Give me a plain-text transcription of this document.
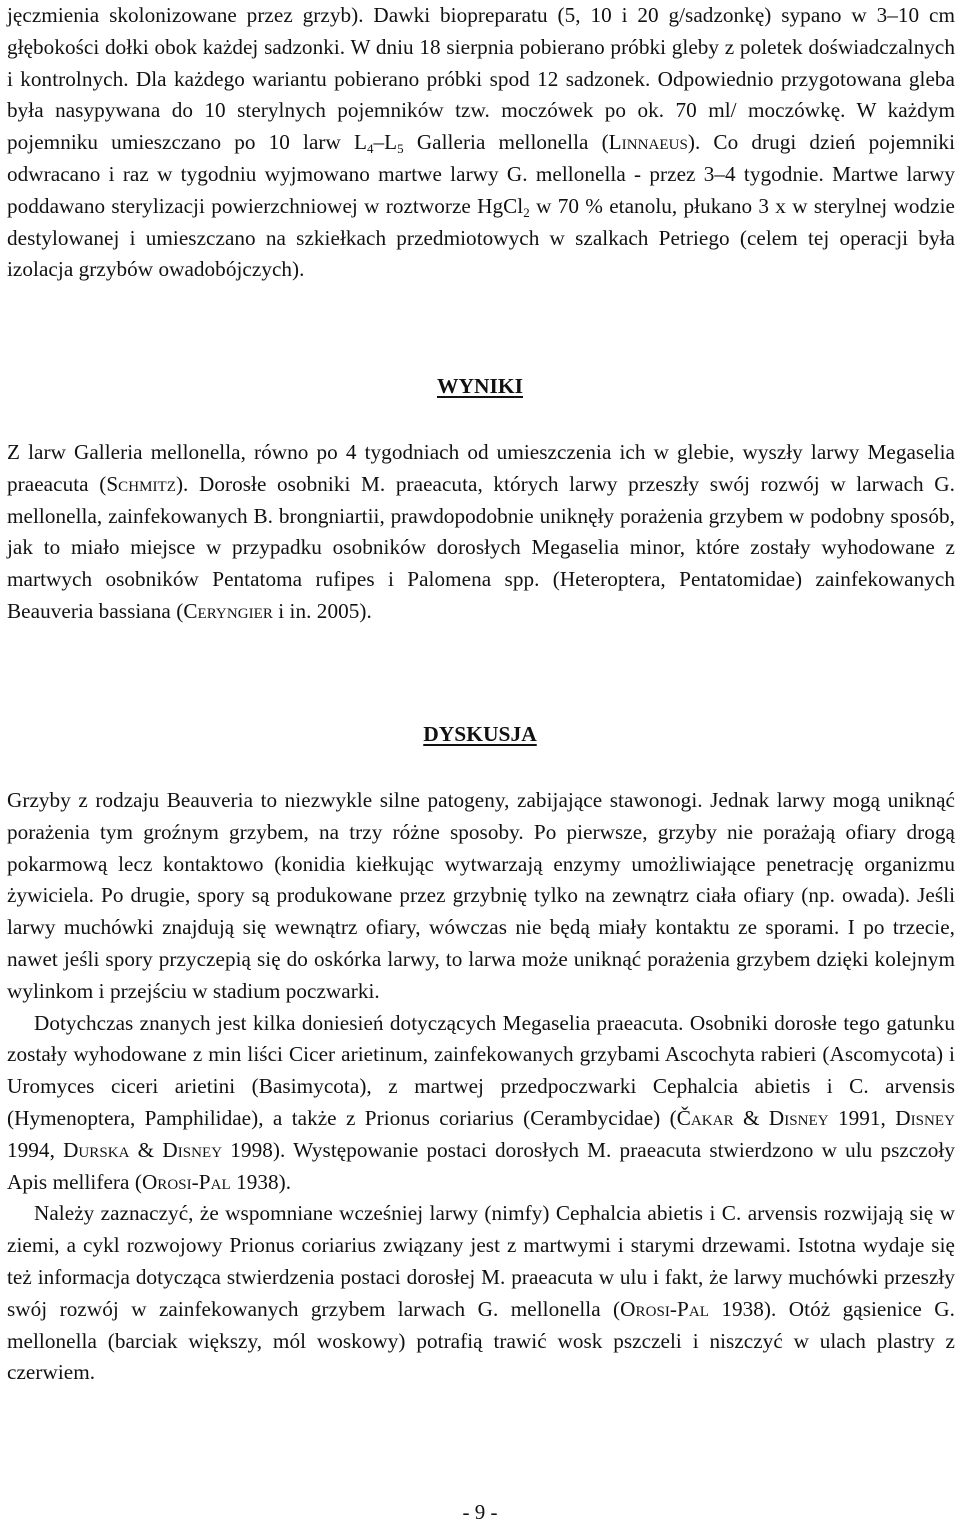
jęczmienia skolonizowane przez grzyb). Dawki biopreparatu (5, 10 i 20 g/sadzonkę) sypano w 3–10 cm głębokości dołki obok każdej sadzonki. W dniu 18 sierpnia pobierano próbki gleby z poletek doświadczalnych i kontrolnych. Dla każdego wariantu pobierano próbki spod 12 sadzonek. Odpowiednio przygotowana gleba była nasypywana do 10 sterylnych pojemników tzw. moczówek po ok. 70 ml/ moczówkę. W każdym pojemniku umieszczano po 10 larw $L_4-L_5$ Galleria mellonella (Linnaeus). Co drugi dzień pojemniki odwracano i raz w tygodniu wyjmowano martwe larwy G. mellonella - przez 3–4 tygodnie. Martwe larwy poddawano sterylizacji powierzchniowej w roztworze HgCl$_2$ w 70 % etanolu, płukano 3 x w sterylnej wodzie destylowanej i umieszczano na szkiełkach przedmiotowych w szalkach Petriego (celem tej operacji była izolacja grzybów owadobójczych).

WYNIKI

Z larw Galleria mellonella, równo po 4 tygodniach od umieszczenia ich w glebie, wyszły larwy Megaselia praeacuta (Schmitz). Dorosłe osobniki M. praeacuta, których larwy przeszły swój rozwój w larwach G. mellonella, zainfekowanych B. brongniartii, prawdopodobnie uniknęły porażenia grzybem w podobny sposób, jak to miało miejsce w przypadku osobników dorosłych Megaselia minor, które zostały wyhodowane z martwych osobników Pentatoma rufipes i Palomena spp. (Heteroptera, Pentatomidae) zainfekowanych Beauveria bassiana (Ceryngier i in. 2005).

DYSKUSJA

Grzyby z rodzaju Beauveria to niezwykle silne patogeny, zabijające stawonogi. Jednak larwy mogą uniknąć porażenia tym groźnym grzybem, na trzy różne sposoby. Po pierwsze, grzyby nie porażają ofiary drogą pokarmową lecz kontaktowo (konidia kiełkując wytwarzają enzymy umożliwiające penetrację organizmu żywiciela. Po drugie, spory są produkowane przez grzybnię tylko na zewnątrz ciała ofiary (np. owada). Jeśli larwy muchówki znajdują się wewnątrz ofiary, wówczas nie będą miały kontaktu ze sporami. I po trzecie, nawet jeśli spory przyczepią się do oskórka larwy, to larwa może uniknąć porażenia grzybem dzięki kolejnym wylinkom i przejściu w stadium poczwarki.

Dotychczas znanych jest kilka doniesień dotyczących Megaselia praeacuta. Osobniki dorosłe tego gatunku zostały wyhodowane z min liści Cicer arietinum, zainfekowanych grzybami Ascochyta rabieri (Ascomycota) i Uromyces ciceri arietini (Basimycota), z martwej przedpoczwarki Cephalcia abietis i C. arvensis (Hymenoptera, Pamphilidae), a także z Prionus coriarius (Cerambycidae) (Čakar & Disney 1991, Disney 1994, Durska & Disney 1998). Występowanie postaci dorosłych M. praeacuta stwierdzono w ulu pszczoły Apis mellifera (Orosi-Pal 1938).

Należy zaznaczyć, że wspomniane wcześniej larwy (nimfy) Cephalcia abietis i C. arvensis rozwijają się w ziemi, a cykl rozwojowy Prionus coriarius związany jest z martwymi i starymi drzewami. Istotna wydaje się też informacja dotycząca stwierdzenia postaci dorosłej M. praeacuta w ulu i fakt, że larwy muchówki przeszły swój rozwój w zainfekowanych grzybem larwach G. mellonella (Orosi-Pal 1938). Otóż gąsienice G. mellonella (barciak większy, mól woskowy) potrafią trawić wosk pszczeli i niszczyć w ulach plastry z czerwiem.

- 9 -
